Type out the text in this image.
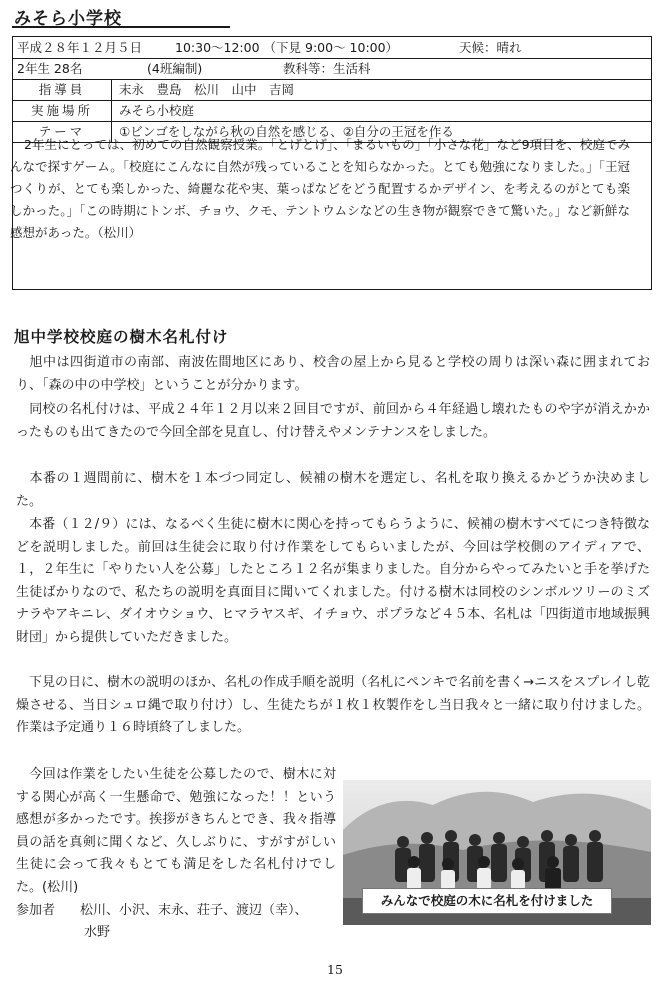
みそら小学校
平成２８年１２月５日	10:30～12:00 （下見 9:00～ 10:00）	天候：晴れ
2年生 28名	(4班編制)	教科等：生活科
指導員	末永　豊島　松川　山中　吉岡
実施場所	みそら小校庭
テーマ	①ビンゴをしながら秋の自然を感じる、②自分の王冠を作る
2年生にとっては、初めての自然観察授業。「とげとげ」、「まるいもの」「小さな花」など9項目を、校庭でみんなで探すゲーム。「校庭にこんなに自然が残っていることを知らなかった。とても勉強になりました。」「王冠つくりが、とても楽しかった、綺麗な花や実、葉っぱなどをどう配置するかデザイン、を考えるのがとても楽しかった。」「この時期にトンボ、チョウ、クモ、テントウムシなどの生き物が観察できて驚いた。」など新鮮な感想があった。（松川）
旭中学校校庭の樹木名札付け
　旭中は四街道市の南部、南波佐間地区にあり、校舎の屋上から見ると学校の周りは深い森に囲まれており、「森の中の中学校」ということが分かります。
　同校の名札付けは、平成２４年１２月以来２回目ですが、前回から４年経過し壊れたものや字が消えかかったものも出てきたので今回全部を見直し、付け替えやメンテナンスをしました。
　本番の１週間前に、樹木を１本づつ同定し、候補の樹木を選定し、名札を取り換えるかどうか決めました。
　本番（１２/９）には、なるべく生徒に樹木に関心を持ってもらうように、候補の樹木すべてにつき特徴などを説明しました。前回は生徒会に取り付け作業をしてもらいましたが、今回は学校側のアイディアで、１，２年生に「やりたい人を公募」したところ１２名が集まりました。自分からやってみたいと手を挙げた生徒ばかりなので、私たちの説明を真面目に聞いてくれました。付ける樹木は同校のシンボルツリーのミズナラやアキニレ、ダイオウショウ、ヒマラヤスギ、イチョウ、ポプラなど４５本、名札は「四街道市地域振興財団」から提供していただきました。
　下見の日に、樹木の説明のほか、名札の作成手順を説明（名札にペンキで名前を書く→ニスをスプレイし乾燥させる、当日シュロ縄で取り付け）し、生徒たちが１枚１枚製作をし当日我々と一緒に取り付けました。作業は予定通り１６時頃終了しました。
　今回は作業をしたい生徒を公募したので、樹木に対する関心が高く一生懸命で、勉強になった！！という感想が多かったです。挨拶がきちんとでき、我々指導員の話を真剣に聞くなど、久しぶりに、すがすがしい生徒に会って我々もとても満足をした名札付けでした。(松川)
参加者	松川、小沢、末永、荘子、渡辺（幸）、
水野
みんなで校庭の木に名札を付けました
15
